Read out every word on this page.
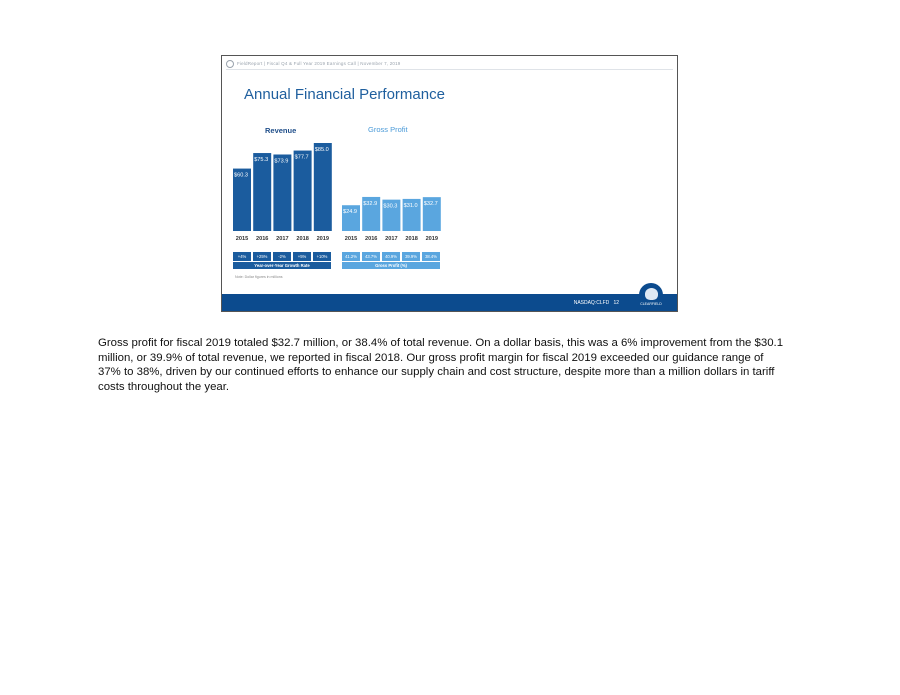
FieldReport | Fiscal Q4 & Full Year 2019 Earnings Call | November 7, 2019
Annual Financial Performance
Revenue	Gross Profit
$60.3
2015
$75.3
2016
$73.9
2017
$77.7
2018
$85.0
2019
$24.9
2015
$32.9
2016
$30.3
2017
$31.0
2018
$32.7
2019
+4%	+25%	-2%	+5%	+10%
Year-over-Year Growth Rate
41.2%	43.7%	40.9%	39.9%	38.4%
Gross Profit (%)
Note: Dollar figures in millions
NASDAQ:CLFD 12	CLEARFIELD
Gross profit for fiscal 2019 totaled $32.7 million, or 38.4% of total revenue. On a dollar basis, this was a 6% improvement from the $30.1 million, or 39.9% of total revenue, we reported in fiscal 2018. Our gross profit margin for fiscal 2019 exceeded our guidance range of 37% to 38%, driven by our continued efforts to enhance our supply chain and cost structure, despite more than a million dollars in tariff costs throughout the year.
